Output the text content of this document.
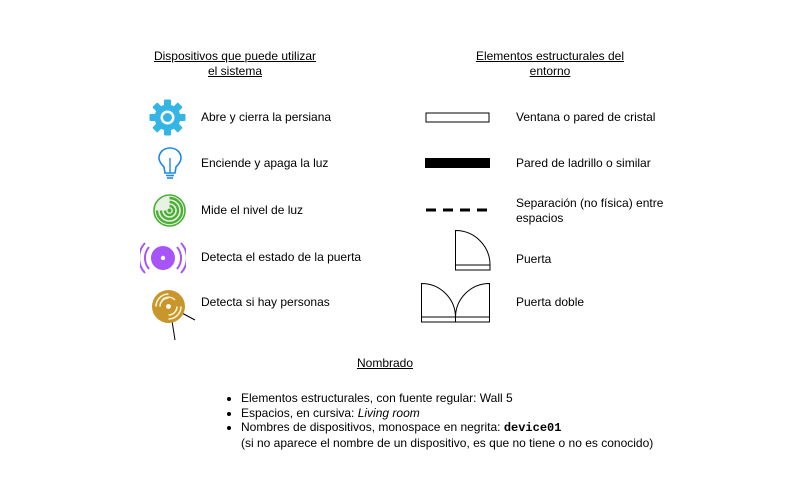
Dispositivos que puede utilizar
el sistema
Elementos estructurales del
entorno
Abre y cierra la persiana
Enciende y apaga la luz
Mide el nivel de luz
Detecta el estado de la puerta
Detecta si hay personas
Ventana o pared de cristal
Pared de ladrillo o similar
Separación (no física) entre
espacios
Puerta
Puerta doble
Nombrado
• Elementos estructurales, con fuente regular: Wall 5
• Espacios, en cursiva: Living room
• Nombres de dispositivos, monospace en negrita: device01
(si no aparece el nombre de un dispositivo, es que no tiene o no es conocido)
